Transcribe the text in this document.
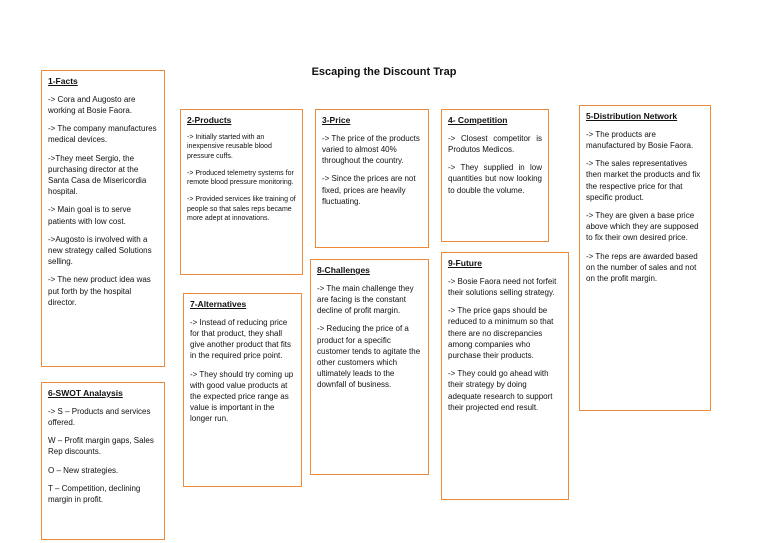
Escaping the Discount Trap
1-Facts

-> Cora and Augosto are working at Bosie Faora.

-> The company manufactures medical devices.

->They meet Sergio, the purchasing director at the Santa Casa de Misericordia hospital.

-> Main goal is to serve patients with low cost.

->Augosto is involved with a new strategy called Solutions selling.

-> The new product idea was put forth by the hospital director.

6-SWOT Analaysis

-> S – Products and services offered.

W – Profit margin gaps, Sales Rep discounts.

O – New strategies.

T – Competition, declining margin in profit.

2-Products

-> Initially started with an inexpensive reusable blood pressure cuffs.

-> Produced telemetry systems for remote blood pressure monitoring.

-> Provided services like training of people so that sales reps became more adept at innovations.

7-Alternatives

-> Instead of reducing price for that product, they shall give another product that fits in the required price point.

-> They should try coming up with good value products at the expected price range as value is important in the longer run.

3-Price

-> The price of the products varied to almost 40% throughout the country.

-> Since the prices are not fixed, prices are heavily fluctuating.

8-Challenges

-> The main challenge they are facing is the constant decline of profit margin.

-> Reducing the price of a product for a specific customer tends to agitate the other customers which ultimately leads to the downfall of business.

4- Competition

-> Closest competitor is Produtos Medicos.

-> They supplied in low quantities but now looking to double the volume.

9-Future

-> Bosie Faora need not forfeit their solutions selling strategy.

-> The price gaps should be reduced to a minimum so that there are no discrepancies among companies who purchase their products.

-> They could go ahead with their strategy by doing adequate research to support their projected end result.

5-Distribution Network

-> The products are manufactured by Bosie Faora.

-> The sales representatives then market the products and fix the respective price for that specific product.

-> They are given a base price above which they are supposed to fix their own desired price.

-> The reps are awarded based on the number of sales and not on the profit margin.
